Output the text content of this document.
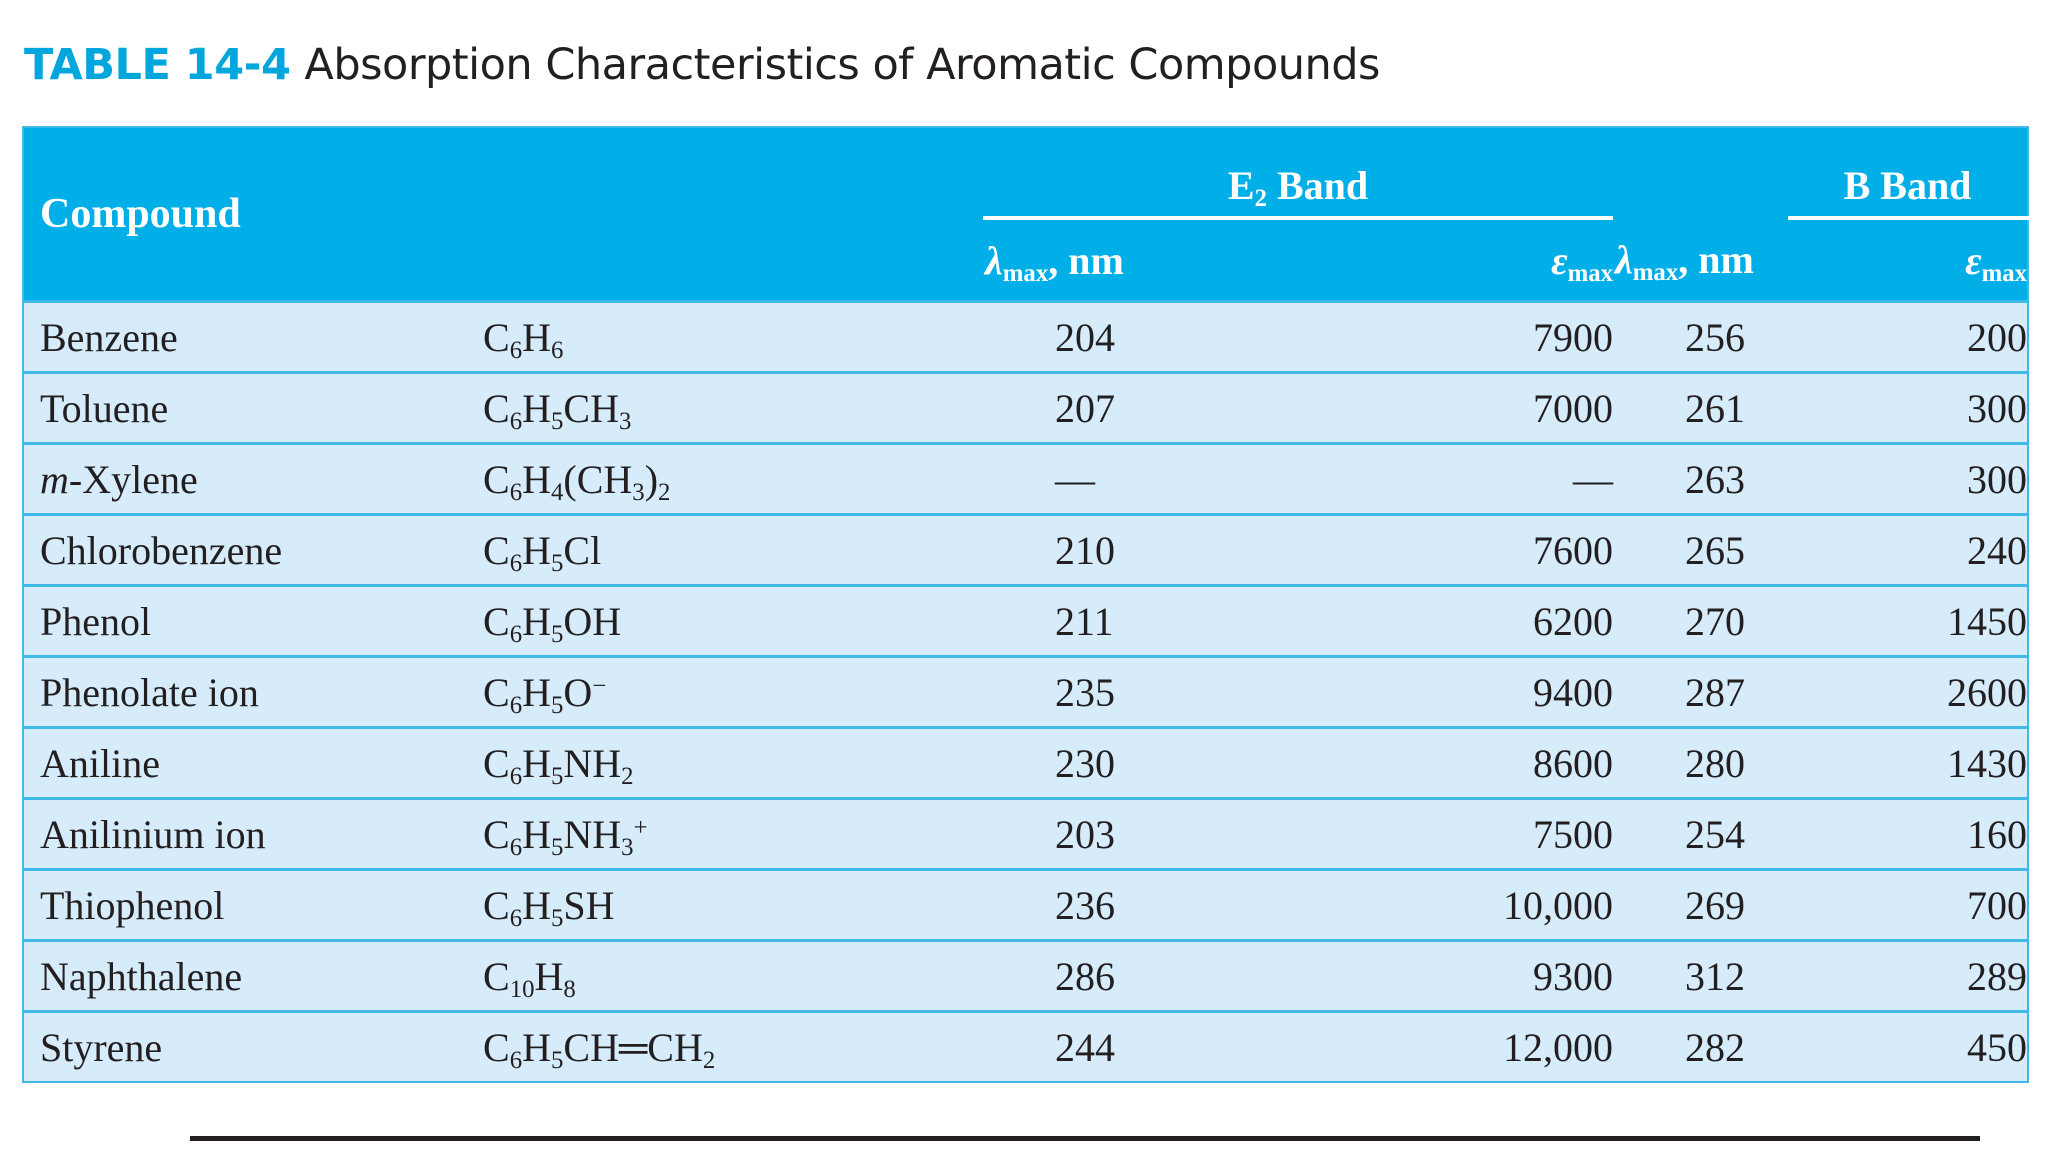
TABLE 14-4 Absorption Characteristics of Aromatic Compounds
Compound		$E_2$ Band			B Band
		$\lambda_{max}$, nm	$\varepsilon_{max}$	$\lambda_{max}$, nm	$\varepsilon_{max}$
Benzene	$C_6H_6$	204	7900	256	200
Toluene	$C_6H_5CH_3$	207	7000	261	300
m-Xylene	$C_6H_4(CH_3)_2$	—	—	263	300
Chlorobenzene	$C_6H_5Cl$	210	7600	265	240
Phenol	$C_6H_5OH$	211	6200	270	1450
Phenolate ion	$C_6H_5O^-$	235	9400	287	2600
Aniline	$C_6H_5NH_2$	230	8600	280	1430
Anilinium ion	$C_6H_5NH_3^+$	203	7500	254	160
Thiophenol	$C_6H_5SH$	236	10,000	269	700
Naphthalene	$C_{10}H_8$	286	9300	312	289
Styrene	$C_6H_5CH═CH_2$	244	12,000	282	450
